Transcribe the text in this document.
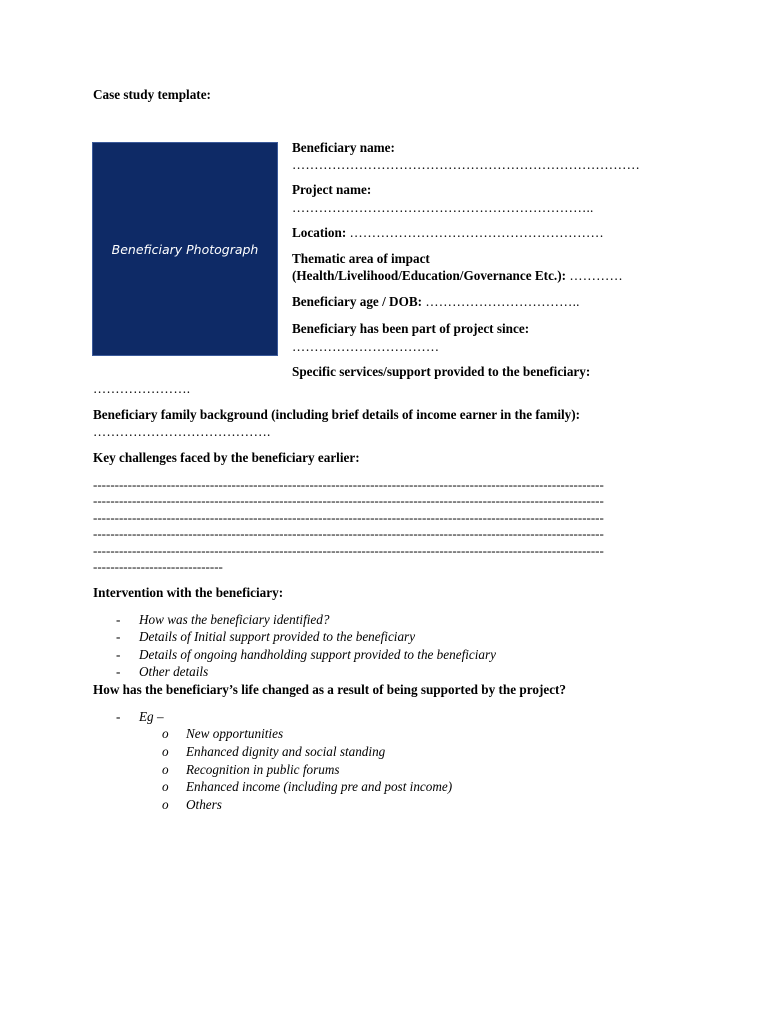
Case study template:
Beneficiary Photograph
Beneficiary name:
……………………………………………………………………
Project name:
…………………………………………………………..
Location: …………………………………………………
Thematic area of impact
(Health/Livelihood/Education/Governance Etc.): …………
Beneficiary age / DOB: ……………………………..
Beneficiary has been part of project since:
……………………………
Specific services/support provided to the beneficiary:
………………….
Beneficiary family background (including brief details of income earner in the family):
………………………………….
Key challenges faced by the beneficiary earlier:
----------------------------------------------------------------------------------------------------------------------
----------------------------------------------------------------------------------------------------------------------
----------------------------------------------------------------------------------------------------------------------
----------------------------------------------------------------------------------------------------------------------
----------------------------------------------------------------------------------------------------------------------
------------------------------
Intervention with the beneficiary:
- How was the beneficiary identified?
- Details of Initial support provided to the beneficiary
- Details of ongoing handholding support provided to the beneficiary
- Other details
How has the beneficiary’s life changed as a result of being supported by the project?
- Eg –
o New opportunities
o Enhanced dignity and social standing
o Recognition in public forums
o Enhanced income (including pre and post income)
o Others
